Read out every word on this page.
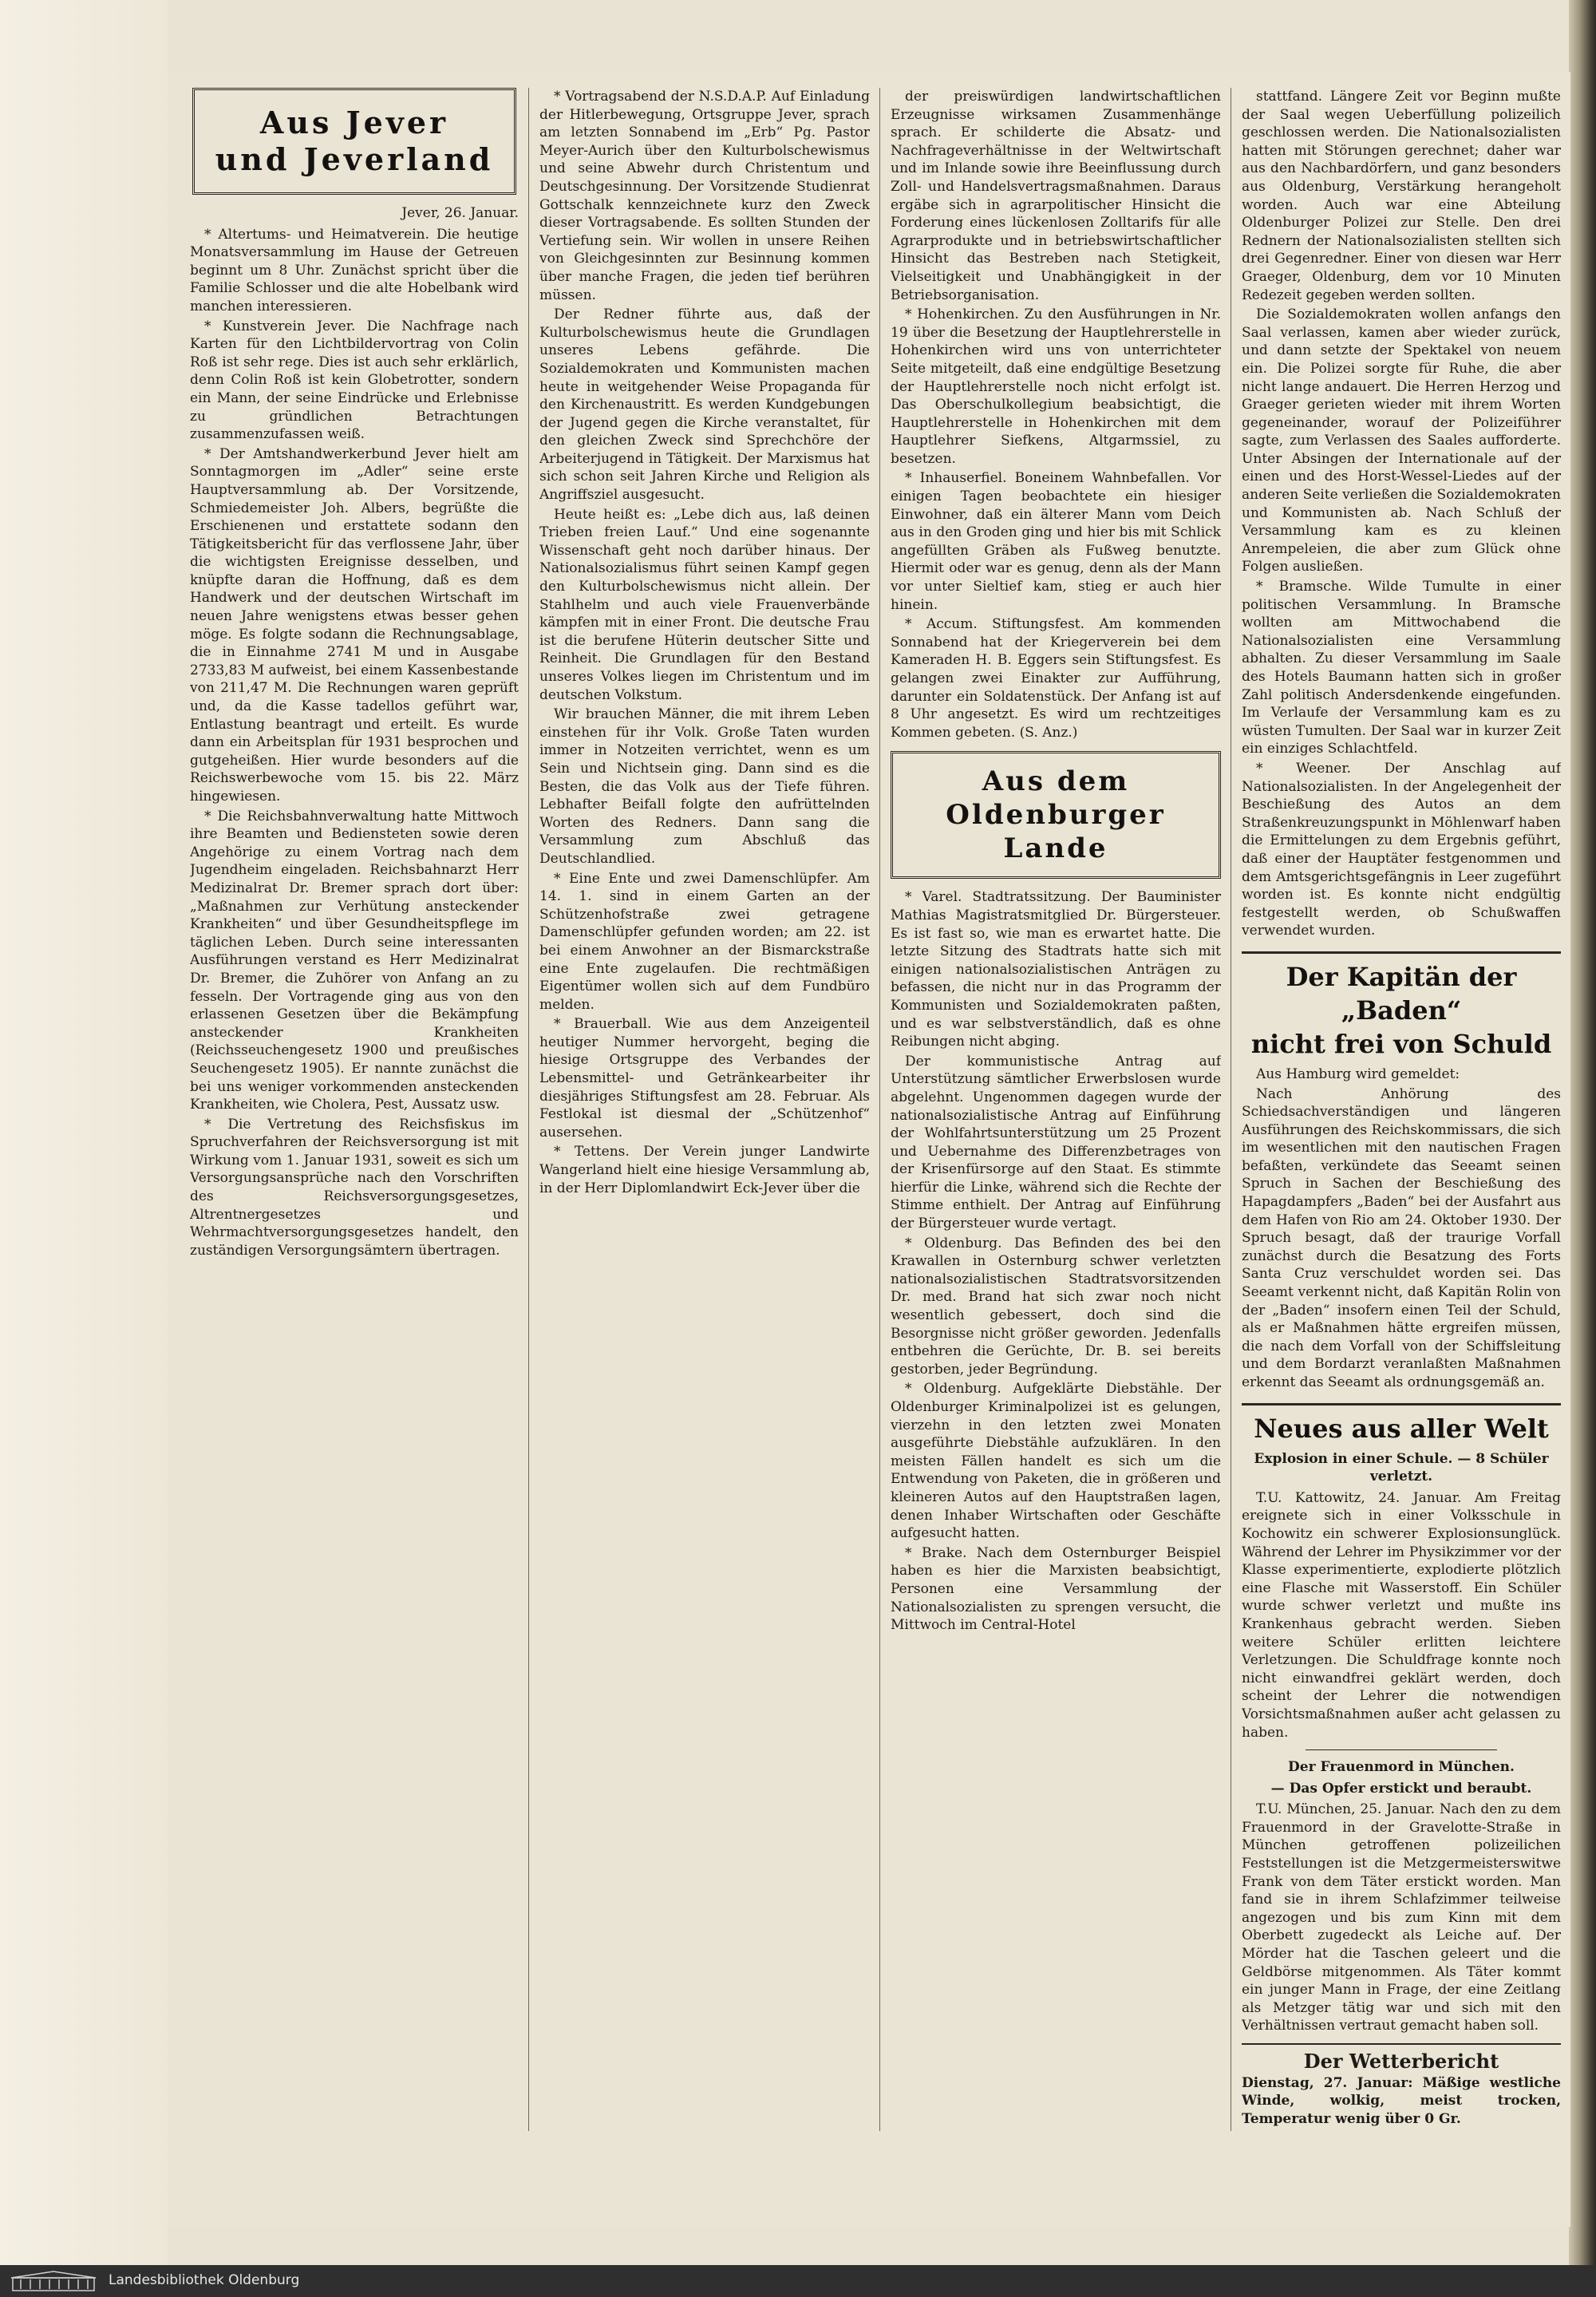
Aus Jever
und Jeverland
Jever, 26. Januar.

* Altertums- und Heimatverein. Die heutige Monatsversammlung im Hause der Getreuen beginnt um 8 Uhr. Zunächst spricht über die Familie Schlosser und die alte Hobelbank wird manchen interessieren.

* Kunstverein Jever. Die Nachfrage nach Karten für den Lichtbildervortrag von Colin Roß ist sehr rege. Dies ist auch sehr erklärlich, denn Colin Roß ist kein Globetrotter, sondern ein Mann, der seine Eindrücke und Erlebnisse zu gründlichen Betrachtungen zusammenzufassen weiß.

* Der Amtshandwerkerbund Jever hielt am Sonntagmorgen im „Adler“ seine erste Hauptversammlung ab. Der Vorsitzende, Schmiedemeister Joh. Albers, begrüßte die Erschienenen und erstattete sodann den Tätigkeitsbericht für das verflossene Jahr, über die wichtigsten Ereignisse desselben, und knüpfte daran die Hoffnung, daß es dem Handwerk und der deutschen Wirtschaft im neuen Jahre wenigstens etwas besser gehen möge. Es folgte sodann die Rechnungsablage, die in Einnahme 2741 M und in Ausgabe 2733,83 M aufweist, bei einem Kassenbestande von 211,47 M. Die Rechnungen waren geprüft und, da die Kasse tadellos geführt war, Entlastung beantragt und erteilt. Es wurde dann ein Arbeitsplan für 1931 besprochen und gutgeheißen. Hier wurde besonders auf die Reichswerbewoche vom 15. bis 22. März hingewiesen.

* Die Reichsbahnverwaltung hatte Mittwoch ihre Beamten und Bediensteten sowie deren Angehörige zu einem Vortrag nach dem Jugendheim eingeladen. Reichsbahnarzt Herr Medizinalrat Dr. Bremer sprach dort über: „Maßnahmen zur Verhütung ansteckender Krankheiten“ und über Gesundheitspflege im täglichen Leben. Durch seine interessanten Ausführungen verstand es Herr Medizinalrat Dr. Bremer, die Zuhörer von Anfang an zu fesseln. Der Vortragende ging aus von den erlassenen Gesetzen über die Bekämpfung ansteckender Krankheiten (Reichsseuchengesetz 1900 und preußisches Seuchengesetz 1905). Er nannte zunächst die bei uns weniger vorkommenden ansteckenden Krankheiten, wie Cholera, Pest, Aussatz usw.

* Die Vertretung des Reichsfiskus im Spruchverfahren der Reichsversorgung ist mit Wirkung vom 1. Januar 1931, soweit es sich um Versorgungsansprüche nach den Vorschriften des Reichsversorgungsgesetzes, Altrentnergesetzes und Wehrmachtversorgungsgesetzes handelt, den zuständigen Versorgungsämtern übertragen.

* Vortragsabend der N.S.D.A.P. Auf Einladung der Hitlerbewegung, Ortsgruppe Jever, sprach am letzten Sonnabend im „Erb“ Pg. Pastor Meyer-Aurich über den Kulturbolschewismus und seine Abwehr durch Christentum und Deutschgesinnung. Der Vorsitzende Studienrat Gottschalk kennzeichnete kurz den Zweck dieser Vortragsabende. Es sollten Stunden der Vertiefung sein. Wir wollen in unsere Reihen von Gleichgesinnten zur Besinnung kommen über manche Fragen, die jeden tief berühren müssen.

Der Redner führte aus, daß der Kulturbolschewismus heute die Grundlagen unseres Lebens gefährde. Die Sozialdemokraten und Kommunisten machen heute in weitgehender Weise Propaganda für den Kirchenaustritt. Es werden Kundgebungen der Jugend gegen die Kirche veranstaltet, für den gleichen Zweck sind Sprechchöre der Arbeiterjugend in Tätigkeit. Der Marxismus hat sich schon seit Jahren Kirche und Religion als Angriffsziel ausgesucht.

Heute heißt es: „Lebe dich aus, laß deinen Trieben freien Lauf.“ Und eine sogenannte Wissenschaft geht noch darüber hinaus. Der Nationalsozialismus führt seinen Kampf gegen den Kulturbolschewismus nicht allein. Der Stahlhelm und auch viele Frauenverbände kämpfen mit in einer Front. Die deutsche Frau ist die berufene Hüterin deutscher Sitte und Reinheit. Die Grundlagen für den Bestand unseres Volkes liegen im Christentum und im deutschen Volkstum.

Wir brauchen Männer, die mit ihrem Leben einstehen für ihr Volk. Große Taten wurden immer in Notzeiten verrichtet, wenn es um Sein und Nichtsein ging. Dann sind es die Besten, die das Volk aus der Tiefe führen. Lebhafter Beifall folgte den aufrüttelnden Worten des Redners. Dann sang die Versammlung zum Abschluß das Deutschlandlied.

* Eine Ente und zwei Damenschlüpfer. Am 14. 1. sind in einem Garten an der Schützenhofstraße zwei getragene Damenschlüpfer gefunden worden; am 22. ist bei einem Anwohner an der Bismarckstraße eine Ente zugelaufen. Die rechtmäßigen Eigentümer wollen sich auf dem Fundbüro melden.

* Brauerball. Wie aus dem Anzeigenteil heutiger Nummer hervorgeht, beging die hiesige Ortsgruppe des Verbandes der Lebensmittel- und Getränkearbeiter ihr diesjähriges Stiftungsfest am 28. Februar. Als Festlokal ist diesmal der „Schützenhof“ ausersehen.

* Tettens. Der Verein junger Landwirte Wangerland hielt eine hiesige Versammlung ab, in der Herr Diplomlandwirt Eck-Jever über die

der preiswürdigen landwirtschaftlichen Erzeugnisse wirksamen Zusammenhänge sprach. Er schilderte die Absatz- und Nachfrageverhältnisse in der Weltwirtschaft und im Inlande sowie ihre Beeinflussung durch Zoll- und Handelsvertragsmaßnahmen. Daraus ergäbe sich in agrarpolitischer Hinsicht die Forderung eines lückenlosen Zolltarifs für alle Agrarprodukte und in betriebswirtschaftlicher Hinsicht das Bestreben nach Stetigkeit, Vielseitigkeit und Unabhängigkeit in der Betriebsorganisation.

* Hohenkirchen. Zu den Ausführungen in Nr. 19 über die Besetzung der Hauptlehrerstelle in Hohenkirchen wird uns von unterrichteter Seite mitgeteilt, daß eine endgültige Besetzung der Hauptlehrerstelle noch nicht erfolgt ist. Das Oberschulkollegium beabsichtigt, die Hauptlehrerstelle in Hohenkirchen mit dem Hauptlehrer Siefkens, Altgarmssiel, zu besetzen.

* Inhauserfiel. Boneinem Wahnbefallen. Vor einigen Tagen beobachtete ein hiesiger Einwohner, daß ein älterer Mann vom Deich aus in den Groden ging und hier bis mit Schlick angefüllten Gräben als Fußweg benutzte. Hiermit oder war es genug, denn als der Mann vor unter Sieltief kam, stieg er auch hier hinein.

* Accum. Stiftungsfest. Am kommenden Sonnabend hat der Kriegerverein bei dem Kameraden H. B. Eggers sein Stiftungsfest. Es gelangen zwei Einakter zur Aufführung, darunter ein Soldatenstück. Der Anfang ist auf 8 Uhr angesetzt. Es wird um rechtzeitiges Kommen gebeten. (S. Anz.)

Aus dem Oldenburger
Lande

* Varel. Stadtratssitzung. Der Bauminister Mathias Magistratsmitglied Dr. Bürgersteuer. Es ist fast so, wie man es erwartet hatte. Die letzte Sitzung des Stadtrats hatte sich mit einigen nationalsozialistischen Anträgen zu befassen, die nicht nur in das Programm der Kommunisten und Sozialdemokraten paßten, und es war selbstverständlich, daß es ohne Reibungen nicht abging.

Der kommunistische Antrag auf Unterstützung sämtlicher Erwerbslosen wurde abgelehnt. Ungenommen dagegen wurde der nationalsozialistische Antrag auf Einführung der Wohlfahrtsunterstützung um 25 Prozent und Uebernahme des Differenzbetrages von der Krisenfürsorge auf den Staat. Es stimmte hierfür die Linke, während sich die Rechte der Stimme enthielt. Der Antrag auf Einführung der Bürgersteuer wurde vertagt.

* Oldenburg. Das Befinden des bei den Krawallen in Osternburg schwer verletzten nationalsozialistischen Stadtratsvorsitzenden Dr. med. Brand hat sich zwar noch nicht wesentlich gebessert, doch sind die Besorgnisse nicht größer geworden. Jedenfalls entbehren die Gerüchte, Dr. B. sei bereits gestorben, jeder Begründung.

* Oldenburg. Aufgeklärte Diebstähle. Der Oldenburger Kriminalpolizei ist es gelungen, vierzehn in den letzten zwei Monaten ausgeführte Diebstähle aufzuklären. In den meisten Fällen handelt es sich um die Entwendung von Paketen, die in größeren und kleineren Autos auf den Hauptstraßen lagen, denen Inhaber Wirtschaften oder Geschäfte aufgesucht hatten.

* Brake. Nach dem Osternburger Beispiel haben es hier die Marxisten beabsichtigt, Personen eine Versammlung der Nationalsozialisten zu sprengen versucht, die Mittwoch im Central-Hotel

stattfand. Längere Zeit vor Beginn mußte der Saal wegen Ueberfüllung polizeilich geschlossen werden. Die Nationalsozialisten hatten mit Störungen gerechnet; daher war aus den Nachbardörfern, und ganz besonders aus Oldenburg, Verstärkung herangeholt worden. Auch war eine Abteilung Oldenburger Polizei zur Stelle. Den drei Rednern der Nationalsozialisten stellten sich drei Gegenredner. Einer von diesen war Herr Graeger, Oldenburg, dem vor 10 Minuten Redezeit gegeben werden sollten.

Die Sozialdemokraten wollen anfangs den Saal verlassen, kamen aber wieder zurück, und dann setzte der Spektakel von neuem ein. Die Polizei sorgte für Ruhe, die aber nicht lange andauert. Die Herren Herzog und Graeger gerieten wieder mit ihrem Worten gegeneinander, worauf der Polizeiführer sagte, zum Verlassen des Saales aufforderte. Unter Absingen der Internationale auf der einen und des Horst-Wessel-Liedes auf der anderen Seite verließen die Sozialdemokraten und Kommunisten ab. Nach Schluß der Versammlung kam es zu kleinen Anrempeleien, die aber zum Glück ohne Folgen ausließen.

* Bramsche. Wilde Tumulte in einer politischen Versammlung. In Bramsche wollten am Mittwochabend die Nationalsozialisten eine Versammlung abhalten. Zu dieser Versammlung im Saale des Hotels Baumann hatten sich in großer Zahl politisch Andersdenkende eingefunden. Im Verlaufe der Versammlung kam es zu wüsten Tumulten. Der Saal war in kurzer Zeit ein einziges Schlachtfeld.

* Weener. Der Anschlag auf Nationalsozialisten. In der Angelegenheit der Beschießung des Autos an dem Straßenkreuzungspunkt in Möhlenwarf haben die Ermittelungen zu dem Ergebnis geführt, daß einer der Hauptäter festgenommen und dem Amtsgerichtsgefängnis in Leer zugeführt worden ist. Es konnte nicht endgültig festgestellt werden, ob Schußwaffen verwendet wurden.

Der Kapitän der „Baden“
nicht frei von Schuld

Aus Hamburg wird gemeldet:

Nach Anhörung des Schiedsachverständigen und längeren Ausführungen des Reichskommissars, die sich im wesentlichen mit den nautischen Fragen befaßten, verkündete das Seeamt seinen Spruch in Sachen der Beschießung des Hapagdampfers „Baden“ bei der Ausfahrt aus dem Hafen von Rio am 24. Oktober 1930. Der Spruch besagt, daß der traurige Vorfall zunächst durch die Besatzung des Forts Santa Cruz verschuldet worden sei. Das Seeamt verkennt nicht, daß Kapitän Rolin von der „Baden“ insofern einen Teil der Schuld, als er Maßnahmen hätte ergreifen müssen, die nach dem Vorfall von der Schiffsleitung und dem Bordarzt veranlaßten Maßnahmen erkennt das Seeamt als ordnungsgemäß an.

Neues aus aller Welt
Explosion in einer Schule. — 8 Schüler verletzt.

T.U. Kattowitz, 24. Januar. Am Freitag ereignete sich in einer Volksschule in Kochowitz ein schwerer Explosionsunglück. Während der Lehrer im Physikzimmer vor der Klasse experimentierte, explodierte plötzlich eine Flasche mit Wasserstoff. Ein Schüler wurde schwer verletzt und mußte ins Krankenhaus gebracht werden. Sieben weitere Schüler erlitten leichtere Verletzungen. Die Schuldfrage konnte noch nicht einwandfrei geklärt werden, doch scheint der Lehrer die notwendigen Vorsichtsmaßnahmen außer acht gelassen zu haben.

Der Frauenmord in München.
— Das Opfer erstickt und beraubt.

T.U. München, 25. Januar. Nach den zu dem Frauenmord in der Gravelotte-Straße in München getroffenen polizeilichen Feststellungen ist die Metzgermeisterswitwe Frank von dem Täter erstickt worden. Man fand sie in ihrem Schlafzimmer teilweise angezogen und bis zum Kinn mit dem Oberbett zugedeckt als Leiche auf. Der Mörder hat die Taschen geleert und die Geldbörse mitgenommen. Als Täter kommt ein junger Mann in Frage, der eine Zeitlang als Metzger tätig war und sich mit den Verhältnissen vertraut gemacht haben soll.

Der Wetterbericht

Dienstag, 27. Januar: Mäßige westliche Winde, wolkig, meist trocken, Temperatur wenig über 0 Gr.

Landesbibliothek Oldenburg
